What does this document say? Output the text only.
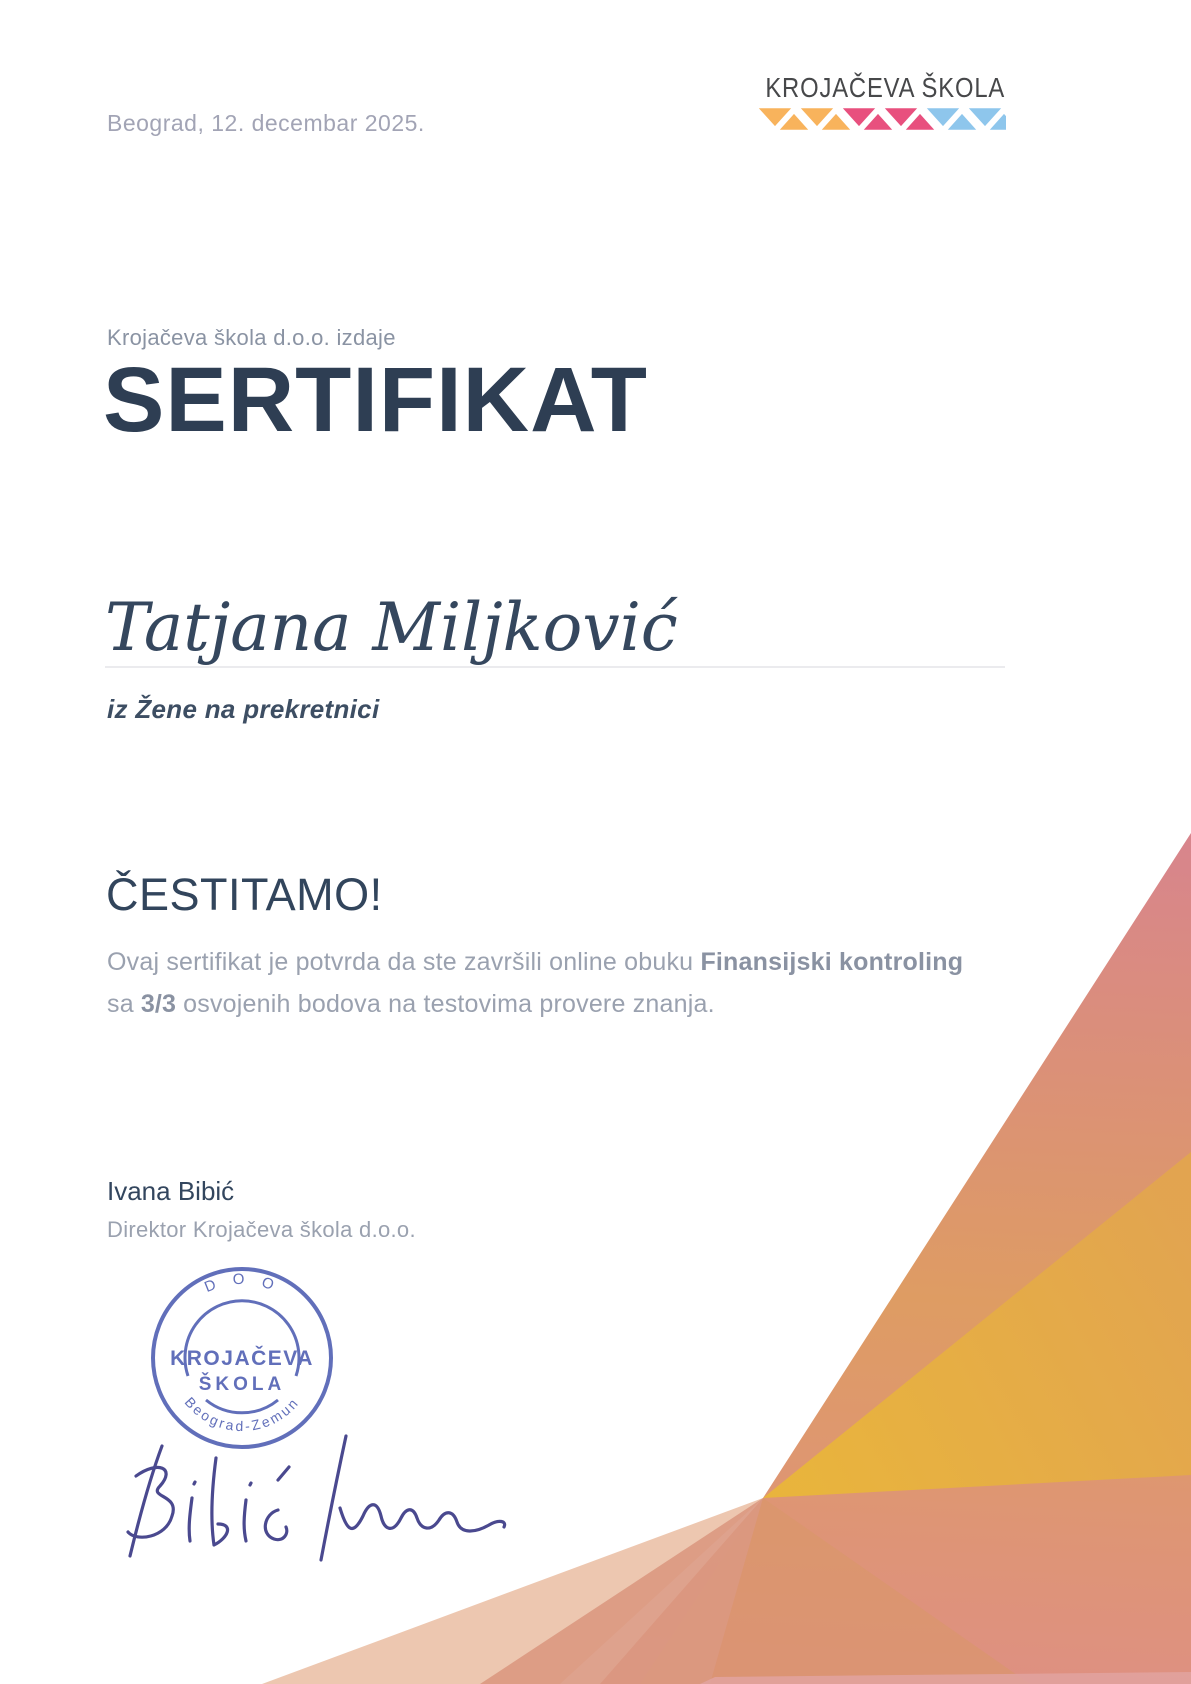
Beograd, 12. decembar 2025.
KROJAČEVA ŠKOLA
Krojačeva škola d.o.o. izdaje
SERTIFIKAT
Tatjana Miljković
iz Žene na prekretnici
ČESTITAMO!
Ovaj sertifikat je potvrda da ste završili online obuku Finansijski kontroling sa 3/3 osvojenih bodova na testovima provere znanja.
Ivana Bibić
Direktor Krojačeva škola d.o.o.
D O O
Beograd-Zemun
KROJAČEVA
ŠKOLA
